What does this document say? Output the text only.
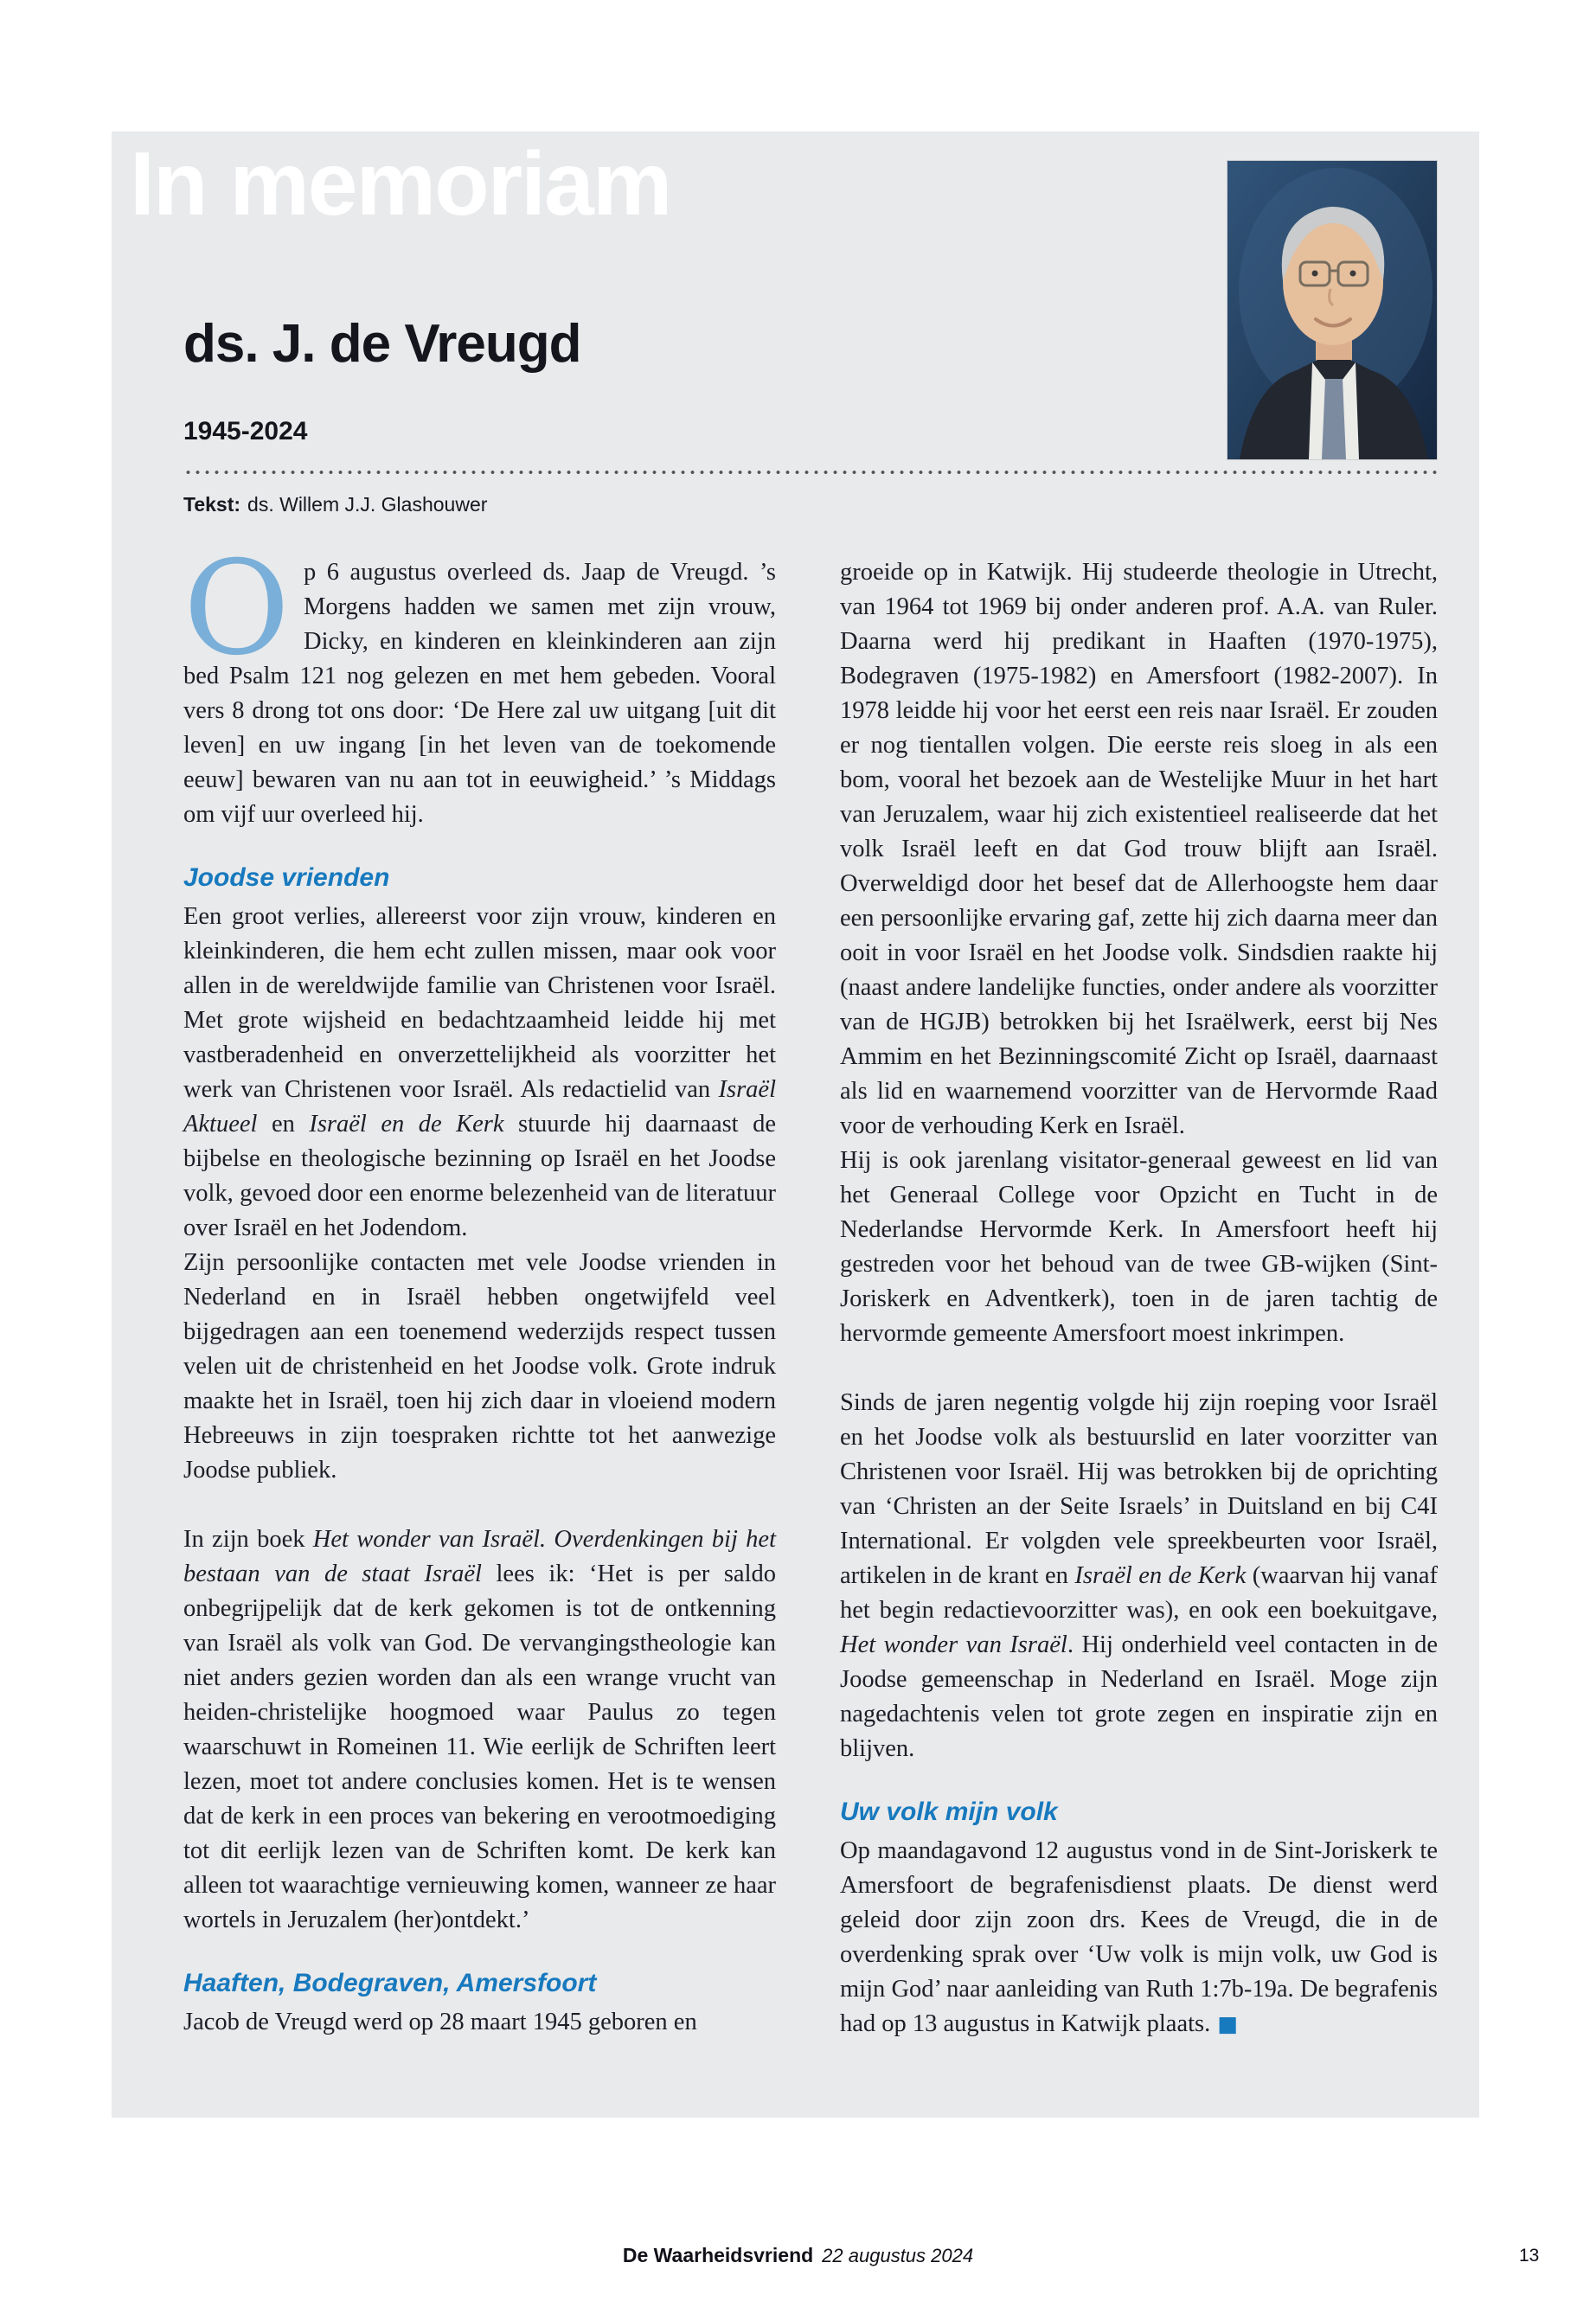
In memoriam
ds. J. de Vreugd
1945-2024
Tekst: ds. Willem J.J. Glashouwer

Op 6 augustus overleed ds. Jaap de Vreugd. ’s Morgens hadden we samen met zijn vrouw, Dicky, en kinderen en kleinkinderen aan zijn bed Psalm 121 nog gelezen en met hem gebeden. Vooral vers 8 drong tot ons door: ‘De Here zal uw uitgang [uit dit leven] en uw ingang [in het leven van de toekomende eeuw] bewaren van nu aan tot in eeuwigheid.’ ’s Middags om vijf uur overleed hij.

Joodse vrienden

Een groot verlies, allereerst voor zijn vrouw, kinderen en kleinkinderen, die hem echt zullen missen, maar ook voor allen in de wereldwijde familie van Christenen voor Israël. Met grote wijsheid en bedachtzaamheid leidde hij met vastberadenheid en onverzettelijkheid als voorzitter het werk van Christenen voor Israël. Als redactielid van Israël Aktueel en Israël en de Kerk stuurde hij daarnaast de bijbelse en theologische bezinning op Israël en het Joodse volk, gevoed door een enorme belezenheid van de literatuur over Israël en het Jodendom.

Zijn persoonlijke contacten met vele Joodse vrienden in Nederland en in Israël hebben ongetwijfeld veel bijgedragen aan een toenemend wederzijds respect tussen velen uit de christenheid en het Joodse volk. Grote indruk maakte het in Israël, toen hij zich daar in vloeiend modern Hebreeuws in zijn toespraken richtte tot het aanwezige Joodse publiek.

In zijn boek Het wonder van Israël. Overdenkingen bij het bestaan van de staat Israël lees ik: ‘Het is per saldo onbegrijpelijk dat de kerk gekomen is tot de ontkenning van Israël als volk van God. De vervangingstheologie kan niet anders gezien worden dan als een wrange vrucht van heiden-christelijke hoogmoed waar Paulus zo tegen waarschuwt in Romeinen 11. Wie eerlijk de Schriften leert lezen, moet tot andere conclusies komen. Het is te wensen dat de kerk in een proces van bekering en verootmoediging tot dit eerlijk lezen van de Schriften komt. De kerk kan alleen tot waarachtige vernieuwing komen, wanneer ze haar wortels in Jeruzalem (her)ontdekt.’

Haaften, Bodegraven, Amersfoort

Jacob de Vreugd werd op 28 maart 1945 geboren en

groeide op in Katwijk. Hij studeerde theologie in Utrecht, van 1964 tot 1969 bij onder anderen prof. A.A. van Ruler. Daarna werd hij predikant in Haaften (1970-1975), Bodegraven (1975-1982) en Amersfoort (1982-2007). In 1978 leidde hij voor het eerst een reis naar Israël. Er zouden er nog tientallen volgen. Die eerste reis sloeg in als een bom, vooral het bezoek aan de Westelijke Muur in het hart van Jeruzalem, waar hij zich existentieel realiseerde dat het volk Israël leeft en dat God trouw blijft aan Israël. Overweldigd door het besef dat de Allerhoogste hem daar een persoonlijke ervaring gaf, zette hij zich daarna meer dan ooit in voor Israël en het Joodse volk. Sindsdien raakte hij (naast andere landelijke functies, onder andere als voorzitter van de HGJB) betrokken bij het Israëlwerk, eerst bij Nes Ammim en het Bezinningscomité Zicht op Israël, daarnaast als lid en waarnemend voorzitter van de Hervormde Raad voor de verhouding Kerk en Israël.

Hij is ook jarenlang visitator-generaal geweest en lid van het Generaal College voor Opzicht en Tucht in de Nederlandse Hervormde Kerk. In Amersfoort heeft hij gestreden voor het behoud van de twee GB-wijken (Sint-Joriskerk en Adventkerk), toen in de jaren tachtig de hervormde gemeente Amersfoort moest inkrimpen.

Sinds de jaren negentig volgde hij zijn roeping voor Israël en het Joodse volk als bestuurslid en later voorzitter van Christenen voor Israël. Hij was betrokken bij de oprichting van ‘Christen an der Seite Israels’ in Duitsland en bij C4I International. Er volgden vele spreekbeurten voor Israël, artikelen in de krant en Israël en de Kerk (waarvan hij vanaf het begin redactievoorzitter was), en ook een boekuitgave, Het wonder van Israël. Hij onderhield veel contacten in de Joodse gemeenschap in Nederland en Israël. Moge zijn nagedachtenis velen tot grote zegen en inspiratie zijn en blijven.

Uw volk mijn volk

Op maandagavond 12 augustus vond in de Sint-Joriskerk te Amersfoort de begrafenisdienst plaats. De dienst werd geleid door zijn zoon drs. Kees de Vreugd, die in de overdenking sprak over ‘Uw volk is mijn volk, uw God is mijn God’ naar aanleiding van Ruth 1:7b-19a. De begrafenis had op 13 augustus in Katwijk plaats. ■

De Waarheidsvriend 22 augustus 2024	13
